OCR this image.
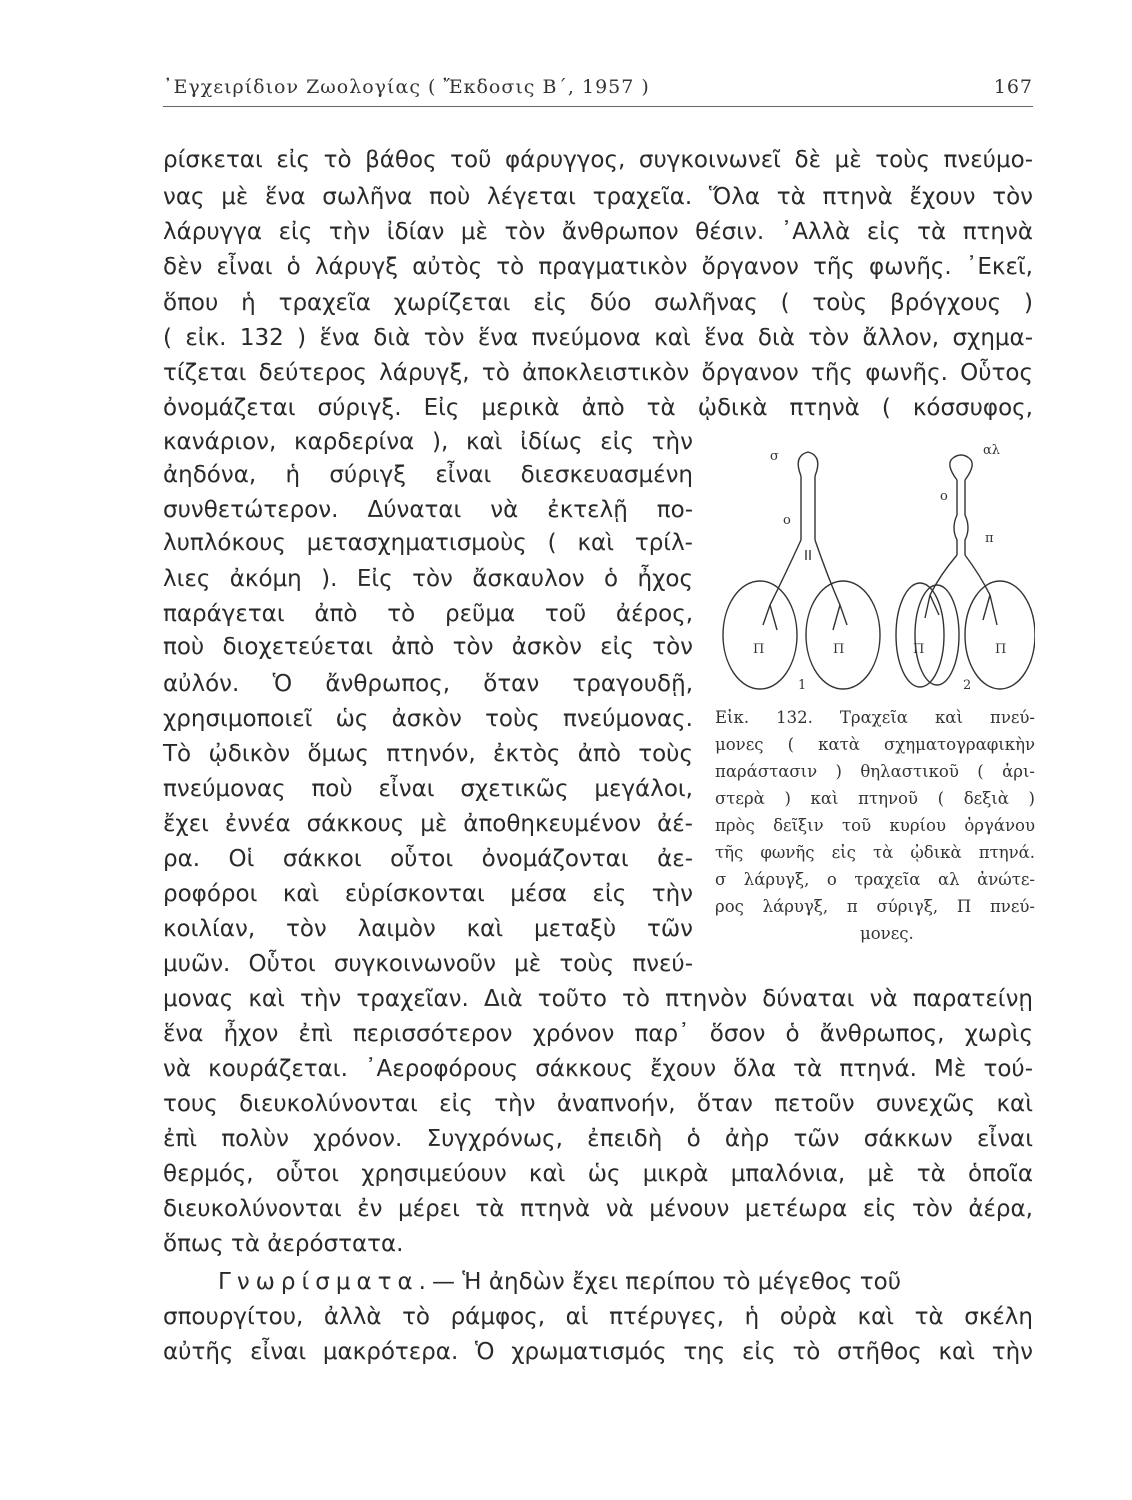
᾿Εγχειρίδιον Ζωολογίας ( Ἔκδοσις Β΄, 1957 )	167
ρίσκεται εἰς τὸ βάθος τοῦ φάρυγγος, συγκοινωνεῖ δὲ μὲ τοὺς πνεύμο-
νας μὲ ἕνα σωλῆνα ποὺ λέγεται τραχεῖα. Ὅλα τὰ πτηνὰ ἔχουν τὸν
λάρυγγα εἰς τὴν ἰδίαν μὲ τὸν ἄνθρωπον θέσιν. ᾿Αλλὰ εἰς τὰ πτηνὰ
δὲν εἶναι ὁ λάρυγξ αὐτὸς τὸ πραγματικὸν ὄργανον τῆς φωνῆς. ᾿Εκεῖ,
ὅπου ἡ τραχεῖα χωρίζεται εἰς δύο σωλῆνας ( τοὺς βρόγχους )
( εἰκ. 132 ) ἕνα διὰ τὸν ἕνα πνεύμονα καὶ ἕνα διὰ τὸν ἄλλον, σχημα-
τίζεται δεύτερος λάρυγξ, τὸ ἀποκλειστικὸν ὄργανον τῆς φωνῆς. Οὗτος
ὀνομάζεται σύριγξ. Εἰς μερικὰ ἀπὸ τὰ ᾠδικὰ πτηνὰ ( κόσσυφος,
κανάριον, καρδερίνα ), καὶ ἰδίως εἰς τὴν
ἀηδόνα, ἡ σύριγξ εἶναι διεσκευασμένη
συνθετώτερον. Δύναται νὰ ἐκτελῇ πο-
λυπλόκους μετασχηματισμοὺς ( καὶ τρίλ-
λιες ἀκόμη ). Εἰς τὸν ἄσκαυλον ὁ ἦχος
παράγεται ἀπὸ τὸ ρεῦμα τοῦ ἀέρος,
ποὺ διοχετεύεται ἀπὸ τὸν ἀσκὸν εἰς τὸν
αὐλόν. Ὁ ἄνθρωπος, ὅταν τραγουδῇ,
χρησιμοποιεῖ ὡς ἀσκὸν τοὺς πνεύμονας.
Τὸ ᾠδικὸν ὅμως πτηνόν, ἐκτὸς ἀπὸ τοὺς
πνεύμονας ποὺ εἶναι σχετικῶς μεγάλοι,
ἔχει ἐννέα σάκκους μὲ ἀποθηκευμένον ἀέ-
ρα. Οἱ σάκκοι οὗτοι ὀνομάζονται ἀε-
ροφόροι καὶ εὑρίσκονται μέσα εἰς τὴν
κοιλίαν, τὸν λαιμὸν καὶ μεταξὺ τῶν
μυῶν. Οὗτοι συγκοινωνοῦν μὲ τοὺς πνεύ-
μονας καὶ τὴν τραχεῖαν. Διὰ τοῦτο τὸ πτηνὸν δύναται νὰ παρατείνῃ
ἕνα ἦχον ἐπὶ περισσότερον χρόνον παρ᾿ ὅσον ὁ ἄνθρωπος, χωρὶς
νὰ κουράζεται. ᾿Αεροφόρους σάκκους ἔχουν ὅλα τὰ πτηνά. Μὲ τού-
τους διευκολύνονται εἰς τὴν ἀναπνοήν, ὅταν πετοῦν συνεχῶς καὶ
ἐπὶ πολὺν χρόνον. Συγχρόνως, ἐπειδὴ ὁ ἀὴρ τῶν σάκκων εἶναι
θερμός, οὗτοι χρησιμεύουν καὶ ὡς μικρὰ μπαλόνια, μὲ τὰ ὁποῖα
διευκολύνονται ἐν μέρει τὰ πτηνὰ νὰ μένουν μετέωρα εἰς τὸν ἀέρα,
ὅπως τὰ ἀερόστατα.
Γνωρίσματα.— Ἡ ἀηδὼν ἔχει περίπου τὸ μέγεθος τοῦ
σπουργίτου, ἀλλὰ τὸ ράμφος, αἱ πτέρυγες, ἡ οὐρὰ καὶ τὰ σκέλη
αὐτῆς εἶναι μακρότερα. Ὁ χρωματισμός της εἰς τὸ στῆθος καὶ τὴν
σ	αλ
ο
ο
π
Π	Π	Π	Π
1	2
Εἰκ. 132. Τραχεῖα καὶ πνεύ-
μονες ( κατὰ σχηματογραφικὴν
παράστασιν ) θηλαστικοῦ ( ἀρι-
στερὰ ) καὶ πτηνοῦ ( δεξιὰ )
πρὸς δεῖξιν τοῦ κυρίου ὀργάνου
τῆς φωνῆς εἰς τὰ ᾠδικὰ πτηνά.
σ λάρυγξ, ο τραχεῖα αλ ἀνώτε-
ρος λάρυγξ, π σύριγξ, Π πνεύ-
μονες.
